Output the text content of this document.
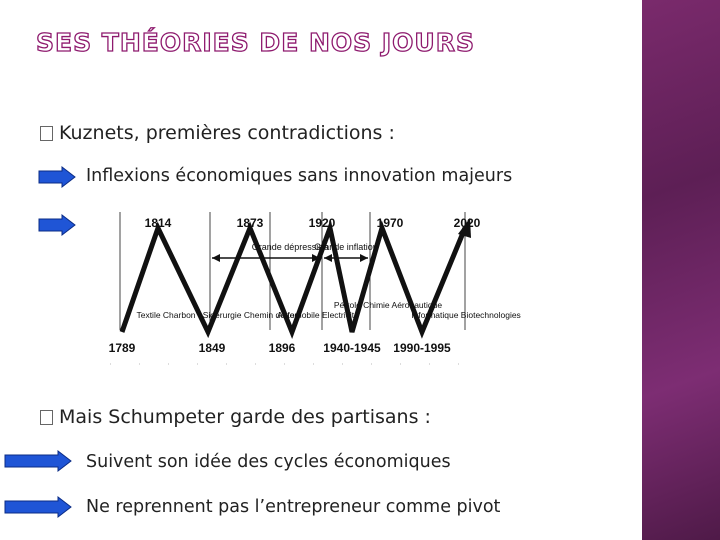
SES THÉORIES DE NOS JOURS
Kuznets, premières contradictions :
Inflexions économiques sans innovation majeurs
1814	1873	1920	1970	2020
1789	1849	1896 1940-1945 1990-1995
Grande dépression
Grande inflation
Textile Charbon Sidérurgie Chemin de fer
Automobile Electricité
Pétrole Chimie Aéronautique
Informatique Biotechnologies
Mais Schumpeter garde des partisans :
Suivent son idée des cycles économiques
Ne reprennent pas l’entrepreneur comme pivot
